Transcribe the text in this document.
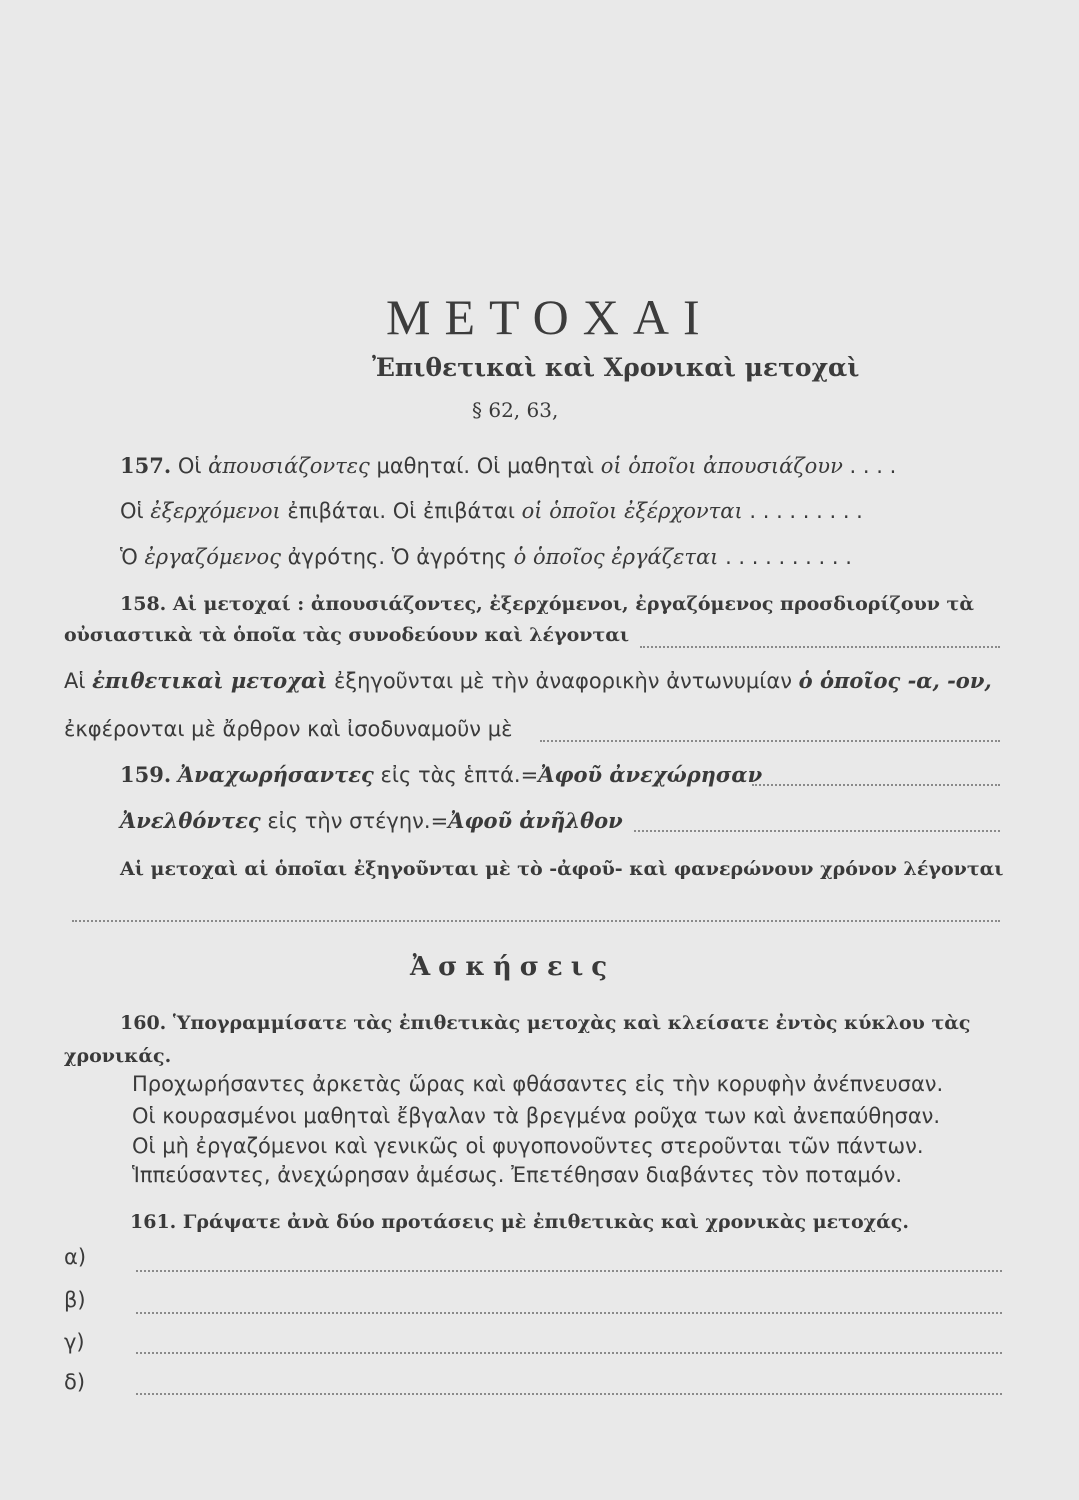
ΜΕΤΟΧΑΙ
Ἐπιθετικαὶ καὶ Χρονικαὶ μετοχαὶ
§ 62, 63,
157. Οἱ ἀπουσιάζοντες μαθηταί. Οἱ μαθηταὶ οἱ ὁποῖοι ἀπουσιάζουν . . . .
Οἱ ἐξερχόμενοι ἐπιβάται. Οἱ ἐπιβάται οἱ ὁποῖοι ἐξέρχονται . . . . . . . . .
Ὁ ἐργαζόμενος ἀγρότης. Ὁ ἀγρότης ὁ ὁποῖος ἐργάζεται . . . . . . . . . .
158. Αἱ μετοχαί : ἀπουσιάζοντες, ἐξερχόμενοι, ἐργαζόμενος προσδιορίζουν τὰ
οὐσιαστικὰ τὰ ὁποῖα τὰς συνοδεύουν καὶ λέγονται
Αἱ ἐπιθετικαὶ μετοχαὶ ἐξηγοῦνται μὲ τὴν ἀναφορικὴν ἀντωνυμίαν ὁ ὁποῖος -α, -ον,
ἐκφέρονται μὲ ἄρθρον καὶ ἰσοδυναμοῦν μὲ
159. Ἀναχωρήσαντες εἰς τὰς ἑπτά.=Ἀφοῦ ἀνεχώρησαν
Ἀνελθόντες εἰς τὴν στέγην.=Ἀφοῦ ἀνῆλθον
Αἱ μετοχαὶ αἱ ὁποῖαι ἐξηγοῦνται μὲ τὸ -ἀφοῦ- καὶ φανερώνουν χρόνον λέγονται
Ἀσκήσεις
160. Ὑπογραμμίσατε τὰς ἐπιθετικὰς μετοχὰς καὶ κλείσατε ἐντὸς κύκλου τὰς
χρονικάς.
Προχωρήσαντες ἀρκετὰς ὥρας καὶ φθάσαντες εἰς τὴν κορυφὴν ἀνέπνευσαν.
Οἱ κουρασμένοι μαθηταὶ ἔβγαλαν τὰ βρεγμένα ροῦχα των καὶ ἀνεπαύθησαν.
Οἱ μὴ ἐργαζόμενοι καὶ γενικῶς οἱ φυγοπονοῦντες στεροῦνται τῶν πάντων.
Ἱππεύσαντες, ἀνεχώρησαν ἀμέσως. Ἐπετέθησαν διαβάντες τὸν ποταμόν.
161. Γράψατε ἀνὰ δύο προτάσεις μὲ ἐπιθετικὰς καὶ χρονικὰς μετοχάς.
α)
β)
γ)
δ)
